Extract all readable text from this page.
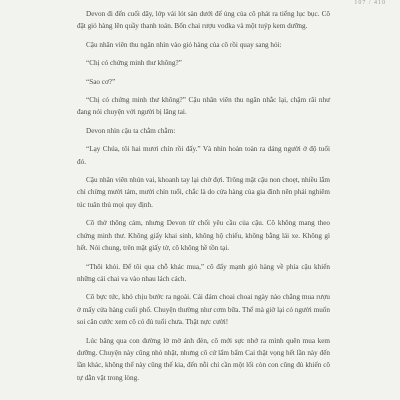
107 / 410

Devon đi đến cuối dãy, lớp vải lót sàn dưới đế ủng của cô phát ra tiếng lục bục. Cô đặt giỏ hàng lên quầy thanh toán. Bốn chai rượu vodka và một tuýp kem dưỡng.

Cậu nhân viên thu ngân nhìn vào giỏ hàng của cô rồi quay sang hỏi:

“Chị có chứng minh thư không?”

“Sao cơ?”

“Chị có chứng minh thư không?” Cậu nhân viên thu ngân nhắc lại, chậm rãi như đang nói chuyện với người bị lãng tai.

Devon nhìn cậu ta chằm chằm:

“Lạy Chúa, tôi hai mươi chín rồi đấy.” Và nhìn hoàn toàn ra dáng người ở độ tuổi đó.

Cậu nhân viên nhún vai, khoanh tay lại chờ đợi. Trông mặt cậu non choẹt, nhiều lắm chỉ chừng mười tám, mười chín tuổi, chắc là do cửa hàng của gia đình nên phải nghiêm túc tuân thủ mọi quy định.

Cô thở thông cảm, nhưng Devon từ chối yêu cầu của cậu. Cô không mang theo chứng minh thư. Không giấy khai sinh, không hộ chiếu, không bằng lái xe. Không gì hết. Nói chung, trên mặt giấy tờ, cô không hề tồn tại.

“Thôi khỏi. Để tôi qua chỗ khác mua,” cô đẩy mạnh giỏ hàng về phía cậu khiến những cái chai va vào nhau lách cách.

Cô bực tức, khó chịu bước ra ngoài. Cái đám choai choai ngày nào chẳng mua rượu ở mấy cửa hàng cuối phố. Chuyện thường như cơm bữa. Thế mà giờ lại có người muốn soi căn cước xem cô có đủ tuổi chưa. Thật nực cười!

Lúc băng qua con đường lờ mờ ánh đèn, cô mới sực nhớ ra mình quên mua kem dưỡng. Chuyện này cũng nhỏ nhặt, nhưng cô cứ lẩm bẩm Cai thật vọng hết lần này đến lần khác, không thể này cũng thế kia, đến nỗi chỉ cần một lối còn con cũng đủ khiến cô tự dằn vặt trong lòng.
